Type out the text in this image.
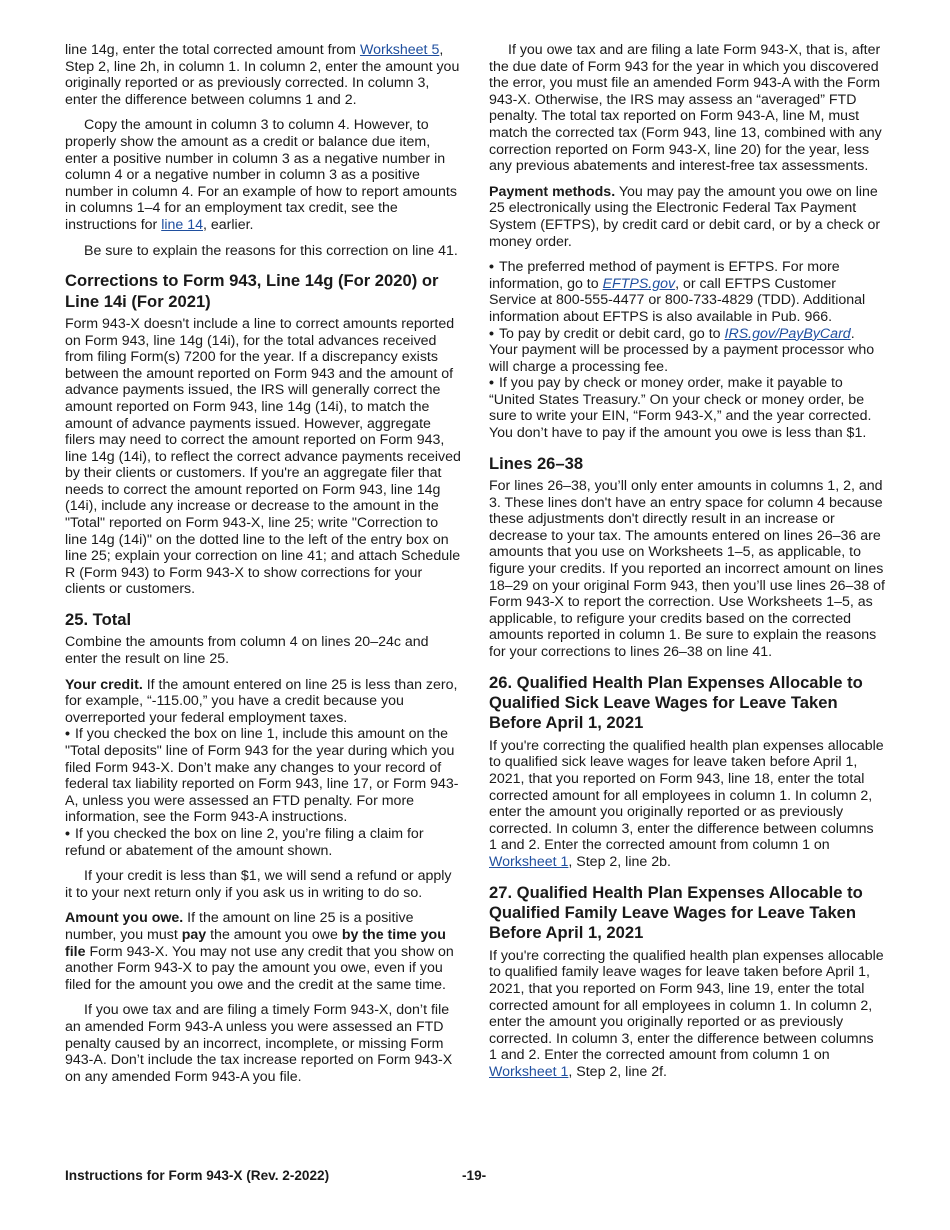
line 14g, enter the total corrected amount from Worksheet 5, Step 2, line 2h, in column 1. In column 2, enter the amount you originally reported or as previously corrected. In column 3, enter the difference between columns 1 and 2.

Copy the amount in column 3 to column 4. However, to properly show the amount as a credit or balance due item, enter a positive number in column 3 as a negative number in column 4 or a negative number in column 3 as a positive number in column 4. For an example of how to report amounts in columns 1–4 for an employment tax credit, see the instructions for line 14, earlier.

Be sure to explain the reasons for this correction on line 41.

Corrections to Form 943, Line 14g (For 2020) or Line 14i (For 2021)

Form 943-X doesn't include a line to correct amounts reported on Form 943, line 14g (14i), for the total advances received from filing Form(s) 7200 for the year. If a discrepancy exists between the amount reported on Form 943 and the amount of advance payments issued, the IRS will generally correct the amount reported on Form 943, line 14g (14i), to match the amount of advance payments issued. However, aggregate filers may need to correct the amount reported on Form 943, line 14g (14i), to reflect the correct advance payments received by their clients or customers. If you're an aggregate filer that needs to correct the amount reported on Form 943, line 14g (14i), include any increase or decrease to the amount in the "Total" reported on Form 943-X, line 25; write "Correction to line 14g (14i)" on the dotted line to the left of the entry box on line 25; explain your correction on line 41; and attach Schedule R (Form 943) to Form 943-X to show corrections for your clients or customers.

25. Total

Combine the amounts from column 4 on lines 20–24c and enter the result on line 25.

Your credit. If the amount entered on line 25 is less than zero, for example, “-115.00,” you have a credit because you overreported your federal employment taxes.

• If you checked the box on line 1, include this amount on the "Total deposits" line of Form 943 for the year during which you filed Form 943-X. Don’t make any changes to your record of federal tax liability reported on Form 943, line 17, or Form 943-A, unless you were assessed an FTD penalty. For more information, see the Form 943-A instructions.

• If you checked the box on line 2, you’re filing a claim for refund or abatement of the amount shown.

If your credit is less than $1, we will send a refund or apply it to your next return only if you ask us in writing to do so.

Amount you owe. If the amount on line 25 is a positive number, you must pay the amount you owe by the time you file Form 943-X. You may not use any credit that you show on another Form 943-X to pay the amount you owe, even if you filed for the amount you owe and the credit at the same time.

If you owe tax and are filing a timely Form 943-X, don’t file an amended Form 943-A unless you were assessed an FTD penalty caused by an incorrect, incomplete, or missing Form 943-A. Don’t include the tax increase reported on Form 943-X on any amended Form 943-A you file.

If you owe tax and are filing a late Form 943-X, that is, after the due date of Form 943 for the year in which you discovered the error, you must file an amended Form 943-A with the Form 943-X. Otherwise, the IRS may assess an “averaged” FTD penalty. The total tax reported on Form 943-A, line M, must match the corrected tax (Form 943, line 13, combined with any correction reported on Form 943-X, line 20) for the year, less any previous abatements and interest-free tax assessments.

Payment methods. You may pay the amount you owe on line 25 electronically using the Electronic Federal Tax Payment System (EFTPS), by credit card or debit card, or by a check or money order.

• The preferred method of payment is EFTPS. For more information, go to EFTPS.gov, or call EFTPS Customer Service at 800-555-4477 or 800-733-4829 (TDD). Additional information about EFTPS is also available in Pub. 966.

• To pay by credit or debit card, go to IRS.gov/PayByCard. Your payment will be processed by a payment processor who will charge a processing fee.

• If you pay by check or money order, make it payable to “United States Treasury.” On your check or money order, be sure to write your EIN, “Form 943-X,” and the year corrected. You don’t have to pay if the amount you owe is less than $1.

Lines 26–38

For lines 26–38, you’ll only enter amounts in columns 1, 2, and 3. These lines don't have an entry space for column 4 because these adjustments don't directly result in an increase or decrease to your tax. The amounts entered on lines 26–36 are amounts that you use on Worksheets 1–5, as applicable, to figure your credits. If you reported an incorrect amount on lines 18–29 on your original Form 943, then you’ll use lines 26–38 of Form 943-X to report the correction. Use Worksheets 1–5, as applicable, to refigure your credits based on the corrected amounts reported in column 1. Be sure to explain the reasons for your corrections to lines 26–38 on line 41.

26. Qualified Health Plan Expenses Allocable to Qualified Sick Leave Wages for Leave Taken Before April 1, 2021

If you're correcting the qualified health plan expenses allocable to qualified sick leave wages for leave taken before April 1, 2021, that you reported on Form 943, line 18, enter the total corrected amount for all employees in column 1. In column 2, enter the amount you originally reported or as previously corrected. In column 3, enter the difference between columns 1 and 2. Enter the corrected amount from column 1 on Worksheet 1, Step 2, line 2b.

27. Qualified Health Plan Expenses Allocable to Qualified Family Leave Wages for Leave Taken Before April 1, 2021

If you're correcting the qualified health plan expenses allocable to qualified family leave wages for leave taken before April 1, 2021, that you reported on Form 943, line 19, enter the total corrected amount for all employees in column 1. In column 2, enter the amount you originally reported or as previously corrected. In column 3, enter the difference between columns 1 and 2. Enter the corrected amount from column 1 on Worksheet 1, Step 2, line 2f.

Instructions for Form 943-X (Rev. 2-2022)	-19-
